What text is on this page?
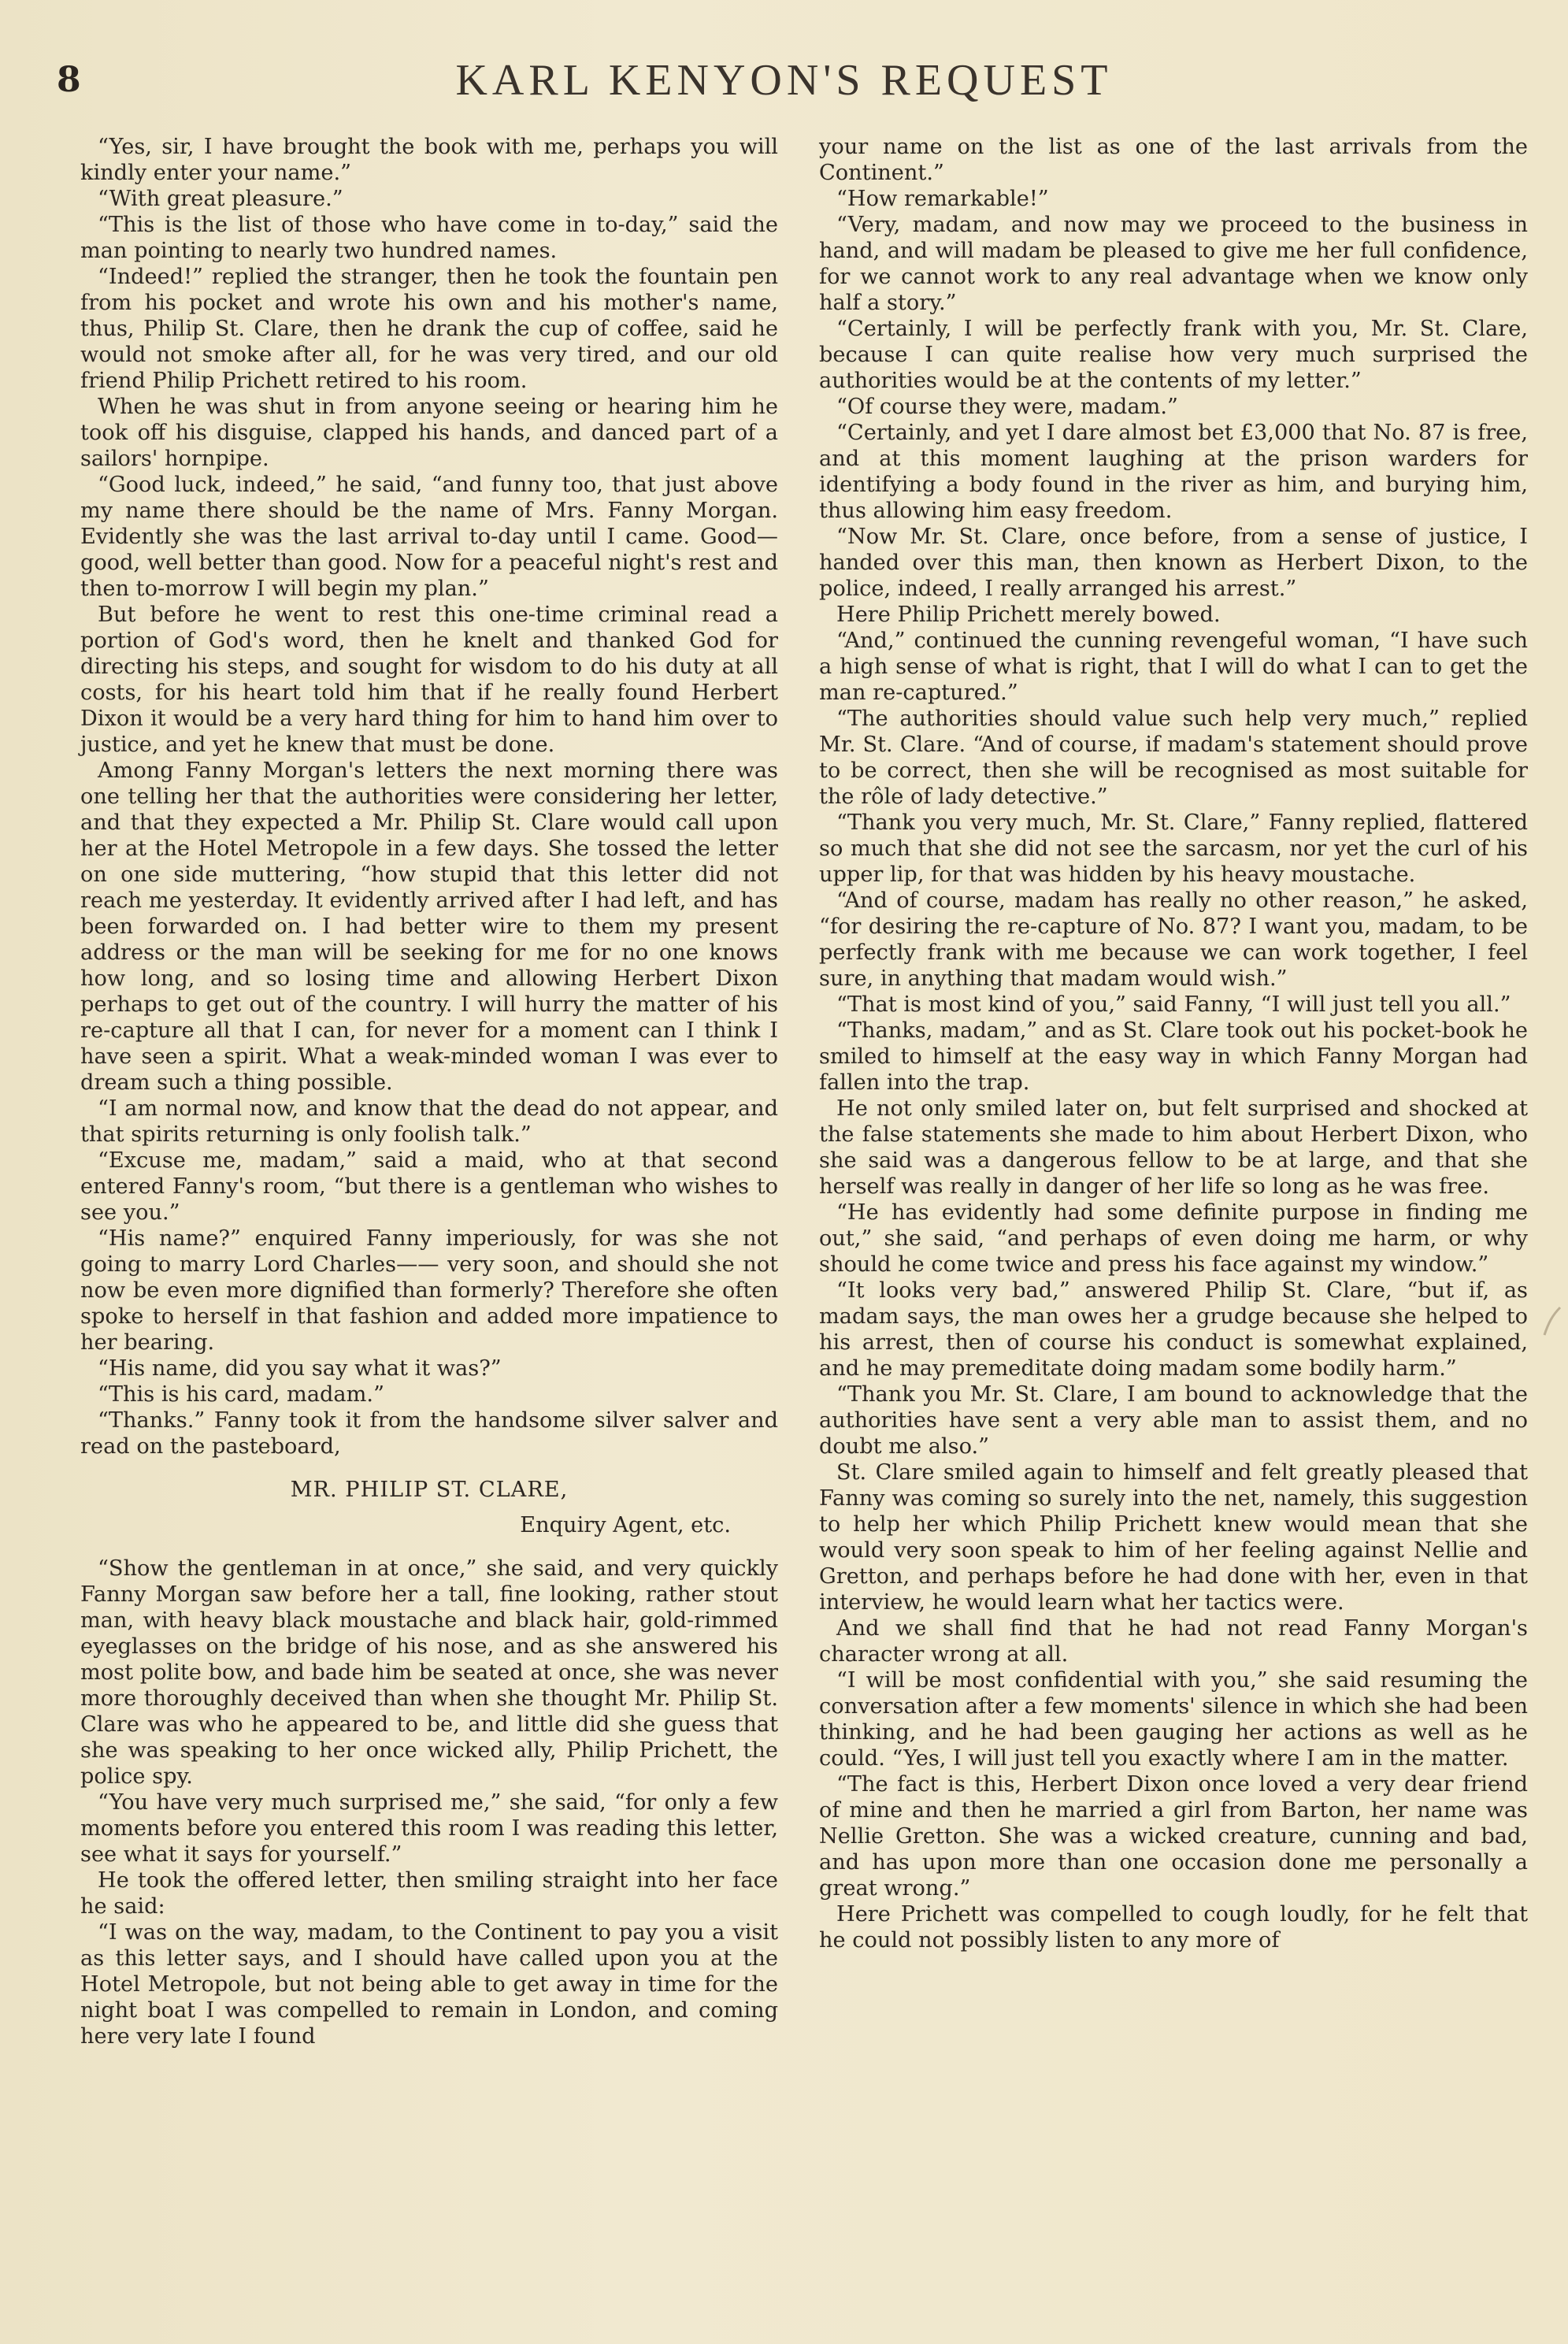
8	KARL KENYON'S REQUEST

“Yes, sir, I have brought the book with me, perhaps you will kindly enter your name.”

“With great pleasure.”

“This is the list of those who have come in to-day,” said the man pointing to nearly two hundred names.

“Indeed!” replied the stranger, then he took the fountain pen from his pocket and wrote his own and his mother's name, thus, Philip St. Clare, then he drank the cup of coffee, said he would not smoke after all, for he was very tired, and our old friend Philip Prichett retired to his room.

When he was shut in from anyone seeing or hearing him he took off his disguise, clapped his hands, and danced part of a sailors' hornpipe.

“Good luck, indeed,” he said, “and funny too, that just above my name there should be the name of Mrs. Fanny Morgan. Evidently she was the last arrival to-day until I came. Good—good, well better than good. Now for a peaceful night's rest and then to-morrow I will begin my plan.”

But before he went to rest this one-time criminal read a portion of God's word, then he knelt and thanked God for directing his steps, and sought for wisdom to do his duty at all costs, for his heart told him that if he really found Herbert Dixon it would be a very hard thing for him to hand him over to justice, and yet he knew that must be done.

Among Fanny Morgan's letters the next morning there was one telling her that the authorities were considering her letter, and that they expected a Mr. Philip St. Clare would call upon her at the Hotel Metropole in a few days. She tossed the letter on one side muttering, “how stupid that this letter did not reach me yesterday. It evidently arrived after I had left, and has been forwarded on. I had better wire to them my present address or the man will be seeking for me for no one knows how long, and so losing time and allowing Herbert Dixon perhaps to get out of the country. I will hurry the matter of his re-capture all that I can, for never for a moment can I think I have seen a spirit. What a weak-minded woman I was ever to dream such a thing possible.

“I am normal now, and know that the dead do not appear, and that spirits returning is only foolish talk.”

“Excuse me, madam,” said a maid, who at that second entered Fanny's room, “but there is a gentleman who wishes to see you.”

“His name?” enquired Fanny imperiously, for was she not going to marry Lord Charles—— very soon, and should she not now be even more dignified than formerly? Therefore she often spoke to herself in that fashion and added more impatience to her bearing.

“His name, did you say what it was?”

“This is his card, madam.”

“Thanks.” Fanny took it from the handsome silver salver and read on the pasteboard,

MR. PHILIP ST. CLARE,

Enquiry Agent, etc.

“Show the gentleman in at once,” she said, and very quickly Fanny Morgan saw before her a tall, fine looking, rather stout man, with heavy black moustache and black hair, gold-rimmed eyeglasses on the bridge of his nose, and as she answered his most polite bow, and bade him be seated at once, she was never more thoroughly deceived than when she thought Mr. Philip St. Clare was who he appeared to be, and little did she guess that she was speaking to her once wicked ally, Philip Prichett, the police spy.

“You have very much surprised me,” she said, “for only a few moments before you entered this room I was reading this letter, see what it says for yourself.”

He took the offered letter, then smiling straight into her face he said:

“I was on the way, madam, to the Continent to pay you a visit as this letter says, and I should have called upon you at the Hotel Metropole, but not being able to get away in time for the night boat I was compelled to remain in London, and coming here very late I found

your name on the list as one of the last arrivals from the Continent.”

“How remarkable!”

“Very, madam, and now may we proceed to the business in hand, and will madam be pleased to give me her full confidence, for we cannot work to any real advantage when we know only half a story.”

“Certainly, I will be perfectly frank with you, Mr. St. Clare, because I can quite realise how very much surprised the authorities would be at the contents of my letter.”

“Of course they were, madam.”

“Certainly, and yet I dare almost bet £3,000 that No. 87 is free, and at this moment laughing at the prison warders for identifying a body found in the river as him, and burying him, thus allowing him easy freedom.

“Now Mr. St. Clare, once before, from a sense of justice, I handed over this man, then known as Herbert Dixon, to the police, indeed, I really arranged his arrest.”

Here Philip Prichett merely bowed.

“And,” continued the cunning revengeful woman, “I have such a high sense of what is right, that I will do what I can to get the man re-captured.”

“The authorities should value such help very much,” replied Mr. St. Clare. “And of course, if madam's statement should prove to be correct, then she will be recognised as most suitable for the rôle of lady detective.”

“Thank you very much, Mr. St. Clare,” Fanny replied, flattered so much that she did not see the sarcasm, nor yet the curl of his upper lip, for that was hidden by his heavy moustache.

“And of course, madam has really no other reason,” he asked, “for desiring the re-capture of No. 87? I want you, madam, to be perfectly frank with me because we can work together, I feel sure, in anything that madam would wish.”

“That is most kind of you,” said Fanny, “I will just tell you all.”

“Thanks, madam,” and as St. Clare took out his pocket-book he smiled to himself at the easy way in which Fanny Morgan had fallen into the trap.

He not only smiled later on, but felt surprised and shocked at the false statements she made to him about Herbert Dixon, who she said was a dangerous fellow to be at large, and that she herself was really in danger of her life so long as he was free.

“He has evidently had some definite purpose in finding me out,” she said, “and perhaps of even doing me harm, or why should he come twice and press his face against my window.”

“It looks very bad,” answered Philip St. Clare, “but if, as madam says, the man owes her a grudge because she helped to his arrest, then of course his conduct is somewhat explained, and he may premeditate doing madam some bodily harm.”

“Thank you Mr. St. Clare, I am bound to acknowledge that the authorities have sent a very able man to assist them, and no doubt me also.”

St. Clare smiled again to himself and felt greatly pleased that Fanny was coming so surely into the net, namely, this suggestion to help her which Philip Prichett knew would mean that she would very soon speak to him of her feeling against Nellie and Gretton, and perhaps before he had done with her, even in that interview, he would learn what her tactics were.

And we shall find that he had not read Fanny Morgan's character wrong at all.

“I will be most confidential with you,” she said resuming the conversation after a few moments' silence in which she had been thinking, and he had been gauging her actions as well as he could. “Yes, I will just tell you exactly where I am in the matter.

“The fact is this, Herbert Dixon once loved a very dear friend of mine and then he married a girl from Barton, her name was Nellie Gretton. She was a wicked creature, cunning and bad, and has upon more than one occasion done me personally a great wrong.”

Here Prichett was compelled to cough loudly, for he felt that he could not possibly listen to any more of
